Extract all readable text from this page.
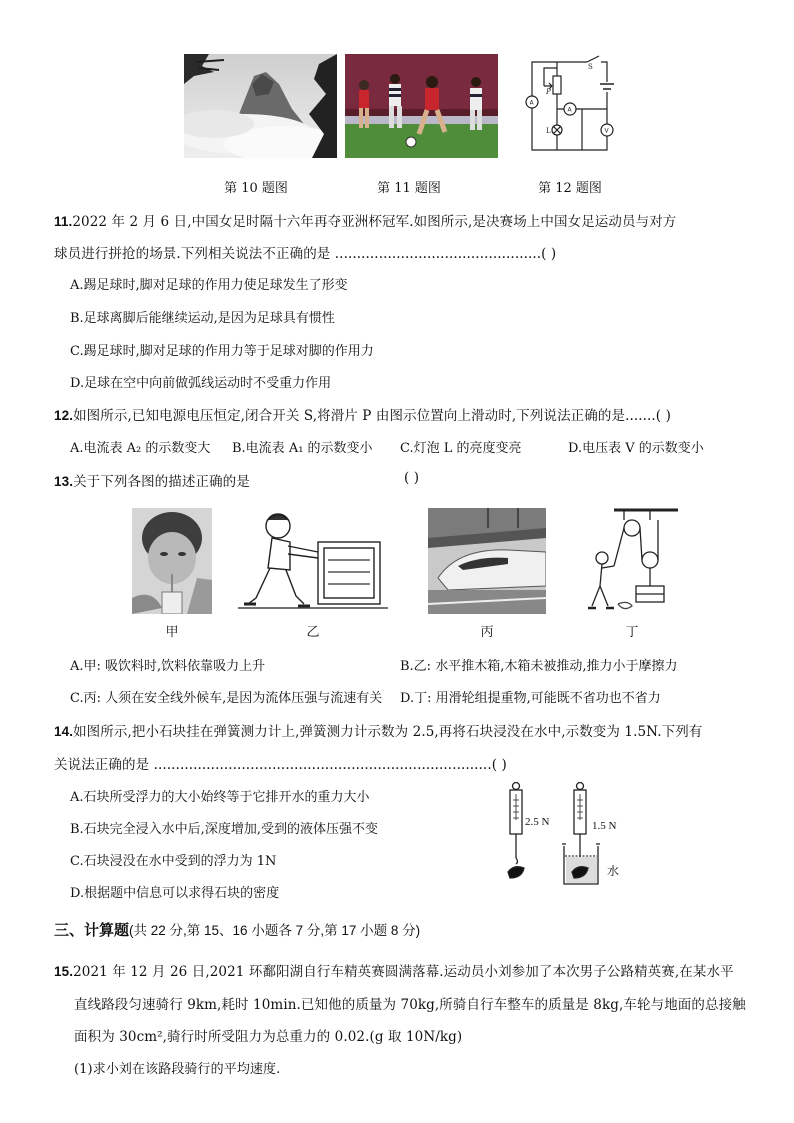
S
P
A
A
V
L
第 10 题图	第 11 题图	第 12 题图
11.2022 年 2 月 6 日,中国女足时隔十六年再夺亚洲杯冠军.如图所示,是决赛场上中国女足运动员与对方
球员进行拼抢的场景.下列相关说法不正确的是 ...............................................( )
A.踢足球时,脚对足球的作用力使足球发生了形变
B.足球离脚后能继续运动,是因为足球具有惯性
C.踢足球时,脚对足球的作用力等于足球对脚的作用力
D.足球在空中向前做弧线运动时不受重力作用
12.如图所示,已知电源电压恒定,闭合开关 S,将滑片 P 由图示位置向上滑动时,下列说法正确的是.......( )
A.电流表 A₂ 的示数变大 B.电流表 A₁ 的示数变小 C.灯泡 L 的亮度变亮	D.电压表 V 的示数变小
13.关于下列各图的描述正确的是	( )
甲	乙	丙	丁
A.甲: 吸饮料时,饮料依靠吸力上升	B.乙: 水平推木箱,木箱未被推动,推力小于摩擦力
C.丙: 人须在安全线外候车,是因为流体压强与流速有关 D.丁: 用滑轮组提重物,可能既不省功也不省力
14.如图所示,把小石块挂在弹簧测力计上,弹簧测力计示数为 2.5,再将石块浸没在水中,示数变为 1.5N.下列有
关说法正确的是 .............................................................................( )
A.石块所受浮力的大小始终等于它排开水的重力大小
B.石块完全浸入水中后,深度增加,受到的液体压强不变
C.石块浸没在水中受到的浮力为 1N
D.根据题中信息可以求得石块的密度
2.5 N	1.5 N
水
三、计算题(共 22 分,第 15、16 小题各 7 分,第 17 小题 8 分)
15.2021 年 12 月 26 日,2021 环鄱阳湖自行车精英赛圆满落幕.运动员小刘参加了本次男子公路精英赛,在某水平
直线路段匀速骑行 9km,耗时 10min.已知他的质量为 70kg,所骑自行车整车的质量是 8kg,车轮与地面的总接触
面积为 30cm²,骑行时所受阻力为总重力的 0.02.(g 取 10N/kg)
(1)求小刘在该路段骑行的平均速度.
